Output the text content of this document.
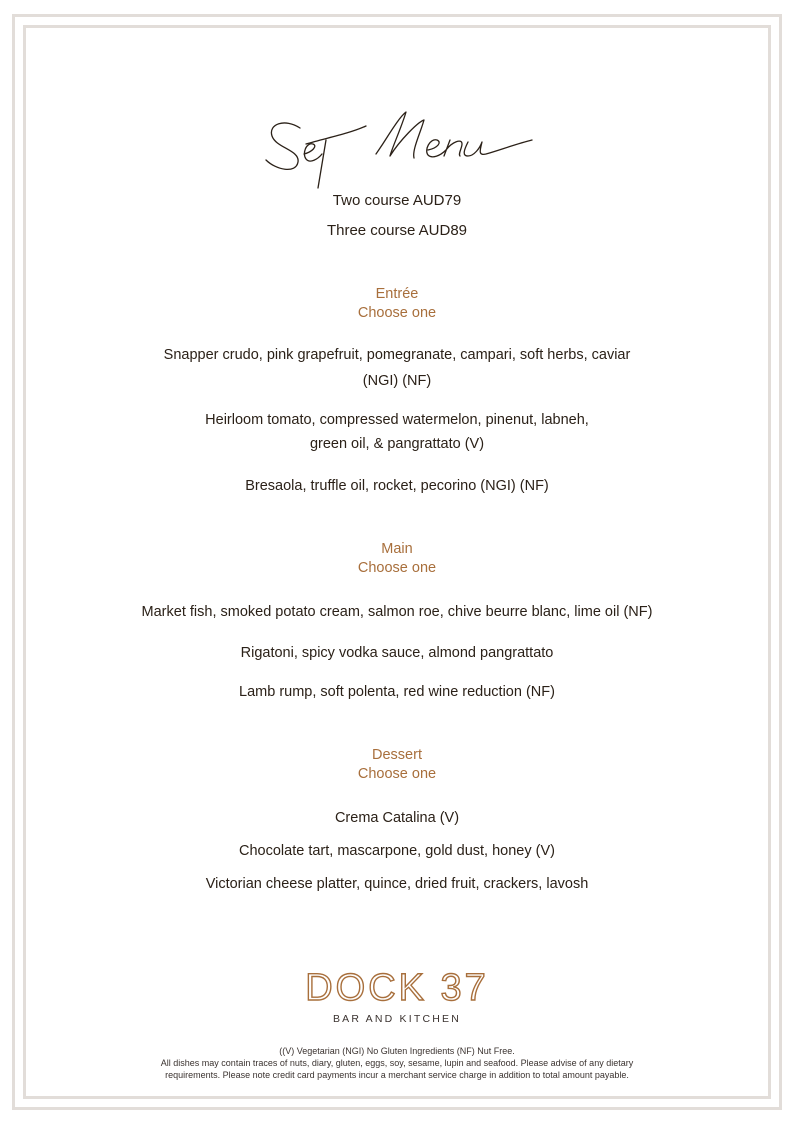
Two course AUD79
Three course AUD89
Entrée
Choose one
Snapper crudo, pink grapefruit, pomegranate, campari, soft herbs, caviar
(NGI) (NF)
Heirloom tomato, compressed watermelon, pinenut, labneh,
green oil, & pangrattato (V)
Bresaola, truffle oil, rocket, pecorino (NGI) (NF)
Main
Choose one
Market fish, smoked potato cream, salmon roe, chive beurre blanc, lime oil (NF)
Rigatoni, spicy vodka sauce, almond pangrattato
Lamb rump, soft polenta, red wine reduction (NF)
Dessert
Choose one
Crema Catalina (V)
Chocolate tart, mascarpone, gold dust, honey (V)
Victorian cheese platter, quince, dried fruit, crackers, lavosh
DOCK 37
BAR AND KITCHEN
((V) Vegetarian (NGI) No Gluten Ingredients (NF) Nut Free.
All dishes may contain traces of nuts, diary, gluten, eggs, soy, sesame, lupin and seafood. Please advise of any dietary
requirements. Please note credit card payments incur a merchant service charge in addition to total amount payable.
